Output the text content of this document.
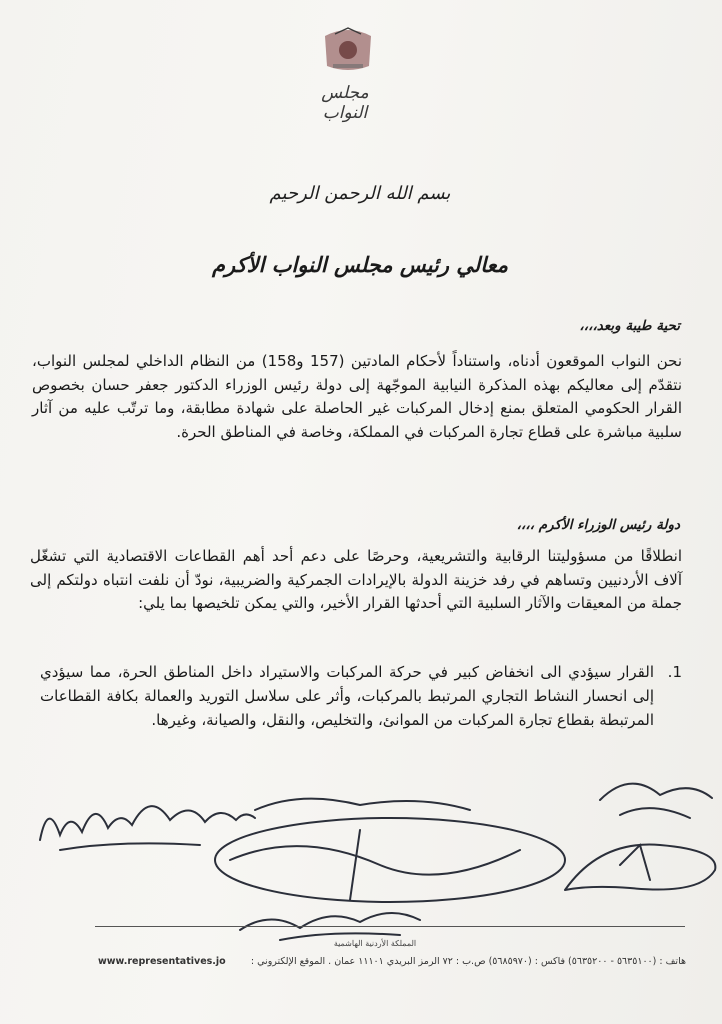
مجلس النواب
بسم الله الرحمن الرحيم
معالي رئيس مجلس النواب الأكرم
تحية طيبة وبعد،،،،
نحن النواب الموقعون أدناه، واستناداً لأحكام المادتين (157 و158) من النظام الداخلي لمجلس النواب، نتقدّم إلى معاليكم بهذه المذكرة النيابية الموجّهة إلى دولة رئيس الوزراء الدكتور جعفر حسان بخصوص القرار الحكومي المتعلق بمنع إدخال المركبات غير الحاصلة على شهادة مطابقة، وما ترتّب عليه من آثار سلبية مباشرة على قطاع تجارة المركبات في المملكة، وخاصة في المناطق الحرة.
دولة رئيس الوزراء الأكرم ،،،،
انطلاقًا من مسؤوليتنا الرقابية والتشريعية، وحرصًا على دعم أحد أهم القطاعات الاقتصادية التي تشغّل آلاف الأردنيين وتساهم في رفد خزينة الدولة بالإيرادات الجمركية والضريبية، نودّ أن نلفت انتباه دولتكم إلى جملة من المعيقات والآثار السلبية التي أحدثها القرار الأخير، والتي يمكن تلخيصها بما يلي:
1.
القرار سيؤدي الى انخفاض كبير في حركة المركبات والاستيراد داخل المناطق الحرة، مما سيؤدي إلى انحسار النشاط التجاري المرتبط بالمركبات، وأثر على سلاسل التوريد والعمالة بكافة القطاعات المرتبطة بقطاع تجارة المركبات من الموانئ، والتخليص، والنقل، والصيانة، وغيرها.
المملكة الأردنية الهاشمية
هاتف : (٥٦٣٥١٠٠ - ٥٦٣٥٢٠٠) فاكس : (٥٦٨٥٩٧٠) ص.ب : ٧٢ الرمز البريدي ١١١٠١ عمان . الموقع الإلكتروني :
www.representatives.jo
